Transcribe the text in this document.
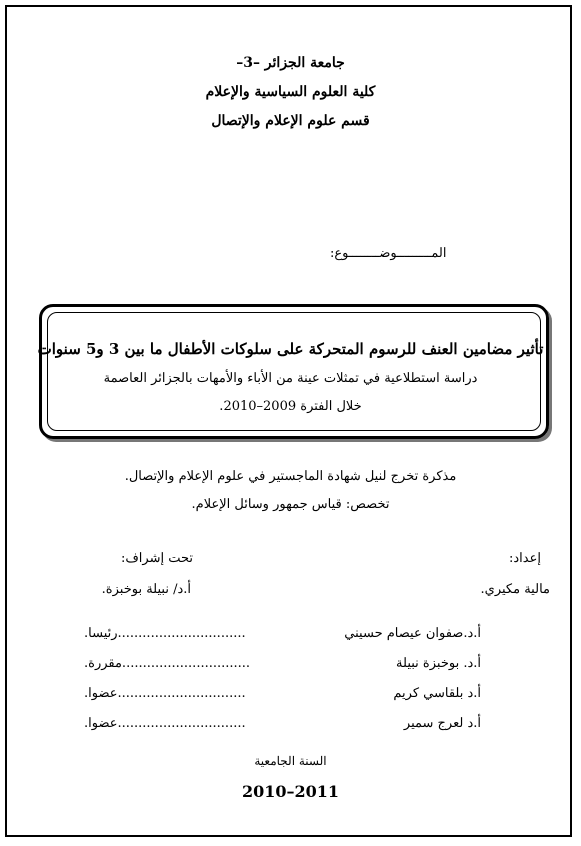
جامعة الجزائر –3–
كلية العلوم السياسية والإعلام
قسم علوم الإعلام والإتصال
المـــــــــوضــــــــوع:
تأثير مضامين العنف للرسوم المتحركة على سلوكات الأطفال ما بين 3 و5 سنوات
دراسة استطلاعية في تمثلات عينة من الأباء والأمهات بالجزائر العاصمة
خلال الفترة 2009–2010.
مذكرة تخرج لنيل شهادة الماجستير في علوم الإعلام والإتصال.
تخصص: قياس جمهور وسائل الإعلام.
إعداد:
مالية مكيري.
تحت إشراف:
أ.د/ نبيلة بوخبزة.
أ.د.صفوان عيصام حسيني
...............................رئيسا.
أ.د. بوخبزة نبيلة
...............................مقررة.
أ.د بلقاسي كريم
...............................عضوا.
أ.د لعرج سمير
...............................عضوا.
السنة الجامعية
2011–2010
